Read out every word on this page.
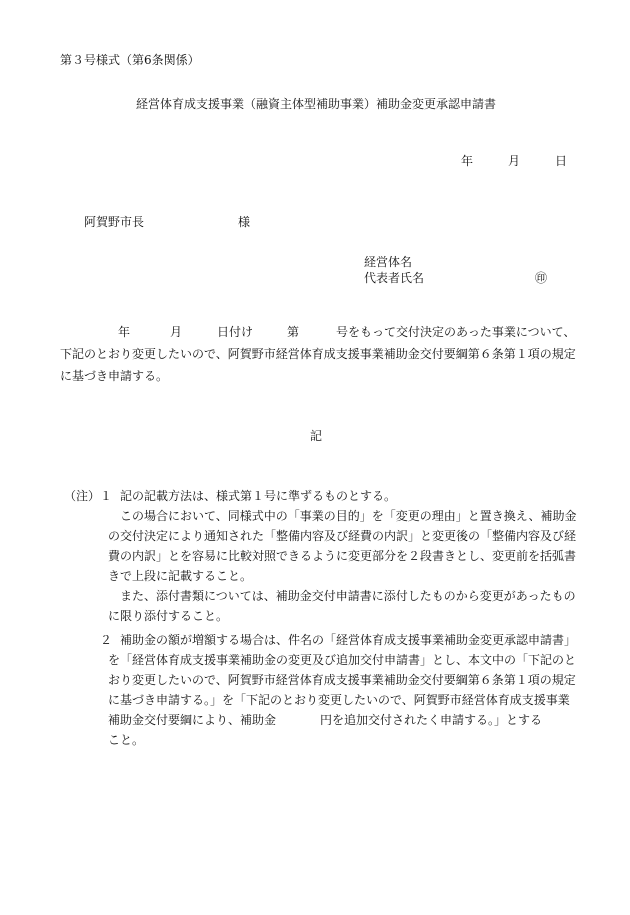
第３号様式（第6条関係）
経営体育成支援事業（融資主体型補助事業）補助金変更承認申請書
年	月	日
阿賀野市長	様
経営体名
代表者氏名	㊞
年	月	日付け	第	号をもって交付決定のあった事業について、
下記のとおり変更したいので、阿賀野市経営体育成支援事業補助金交付要綱第６条第１項の規定
に基づき申請する。
記
（注）１ 記の記載方法は、様式第１号に準ずるものとする。
この場合において、同様式中の「事業の目的」を「変更の理由」と置き換え、補助金
の交付決定により通知された「整備内容及び経費の内訳」と変更後の「整備内容及び経
費の内訳」とを容易に比較対照できるように変更部分を２段書きとし、変更前を括弧書
きで上段に記載すること。
また、添付書類については、補助金交付申請書に添付したものから変更があったもの
に限り添付すること。
２ 補助金の額が増額する場合は、件名の「経営体育成支援事業補助金変更承認申請書」
を「経営体育成支援事業補助金の変更及び追加交付申請書」とし、本文中の「下記のと
おり変更したいので、阿賀野市経営体育成支援事業補助金交付要綱第６条第１項の規定
に基づき申請する。」を「下記のとおり変更したいので、阿賀野市経営体育成支援事業
補助金交付要綱により、補助金	円を追加交付されたく申請する。」とする
こと。
